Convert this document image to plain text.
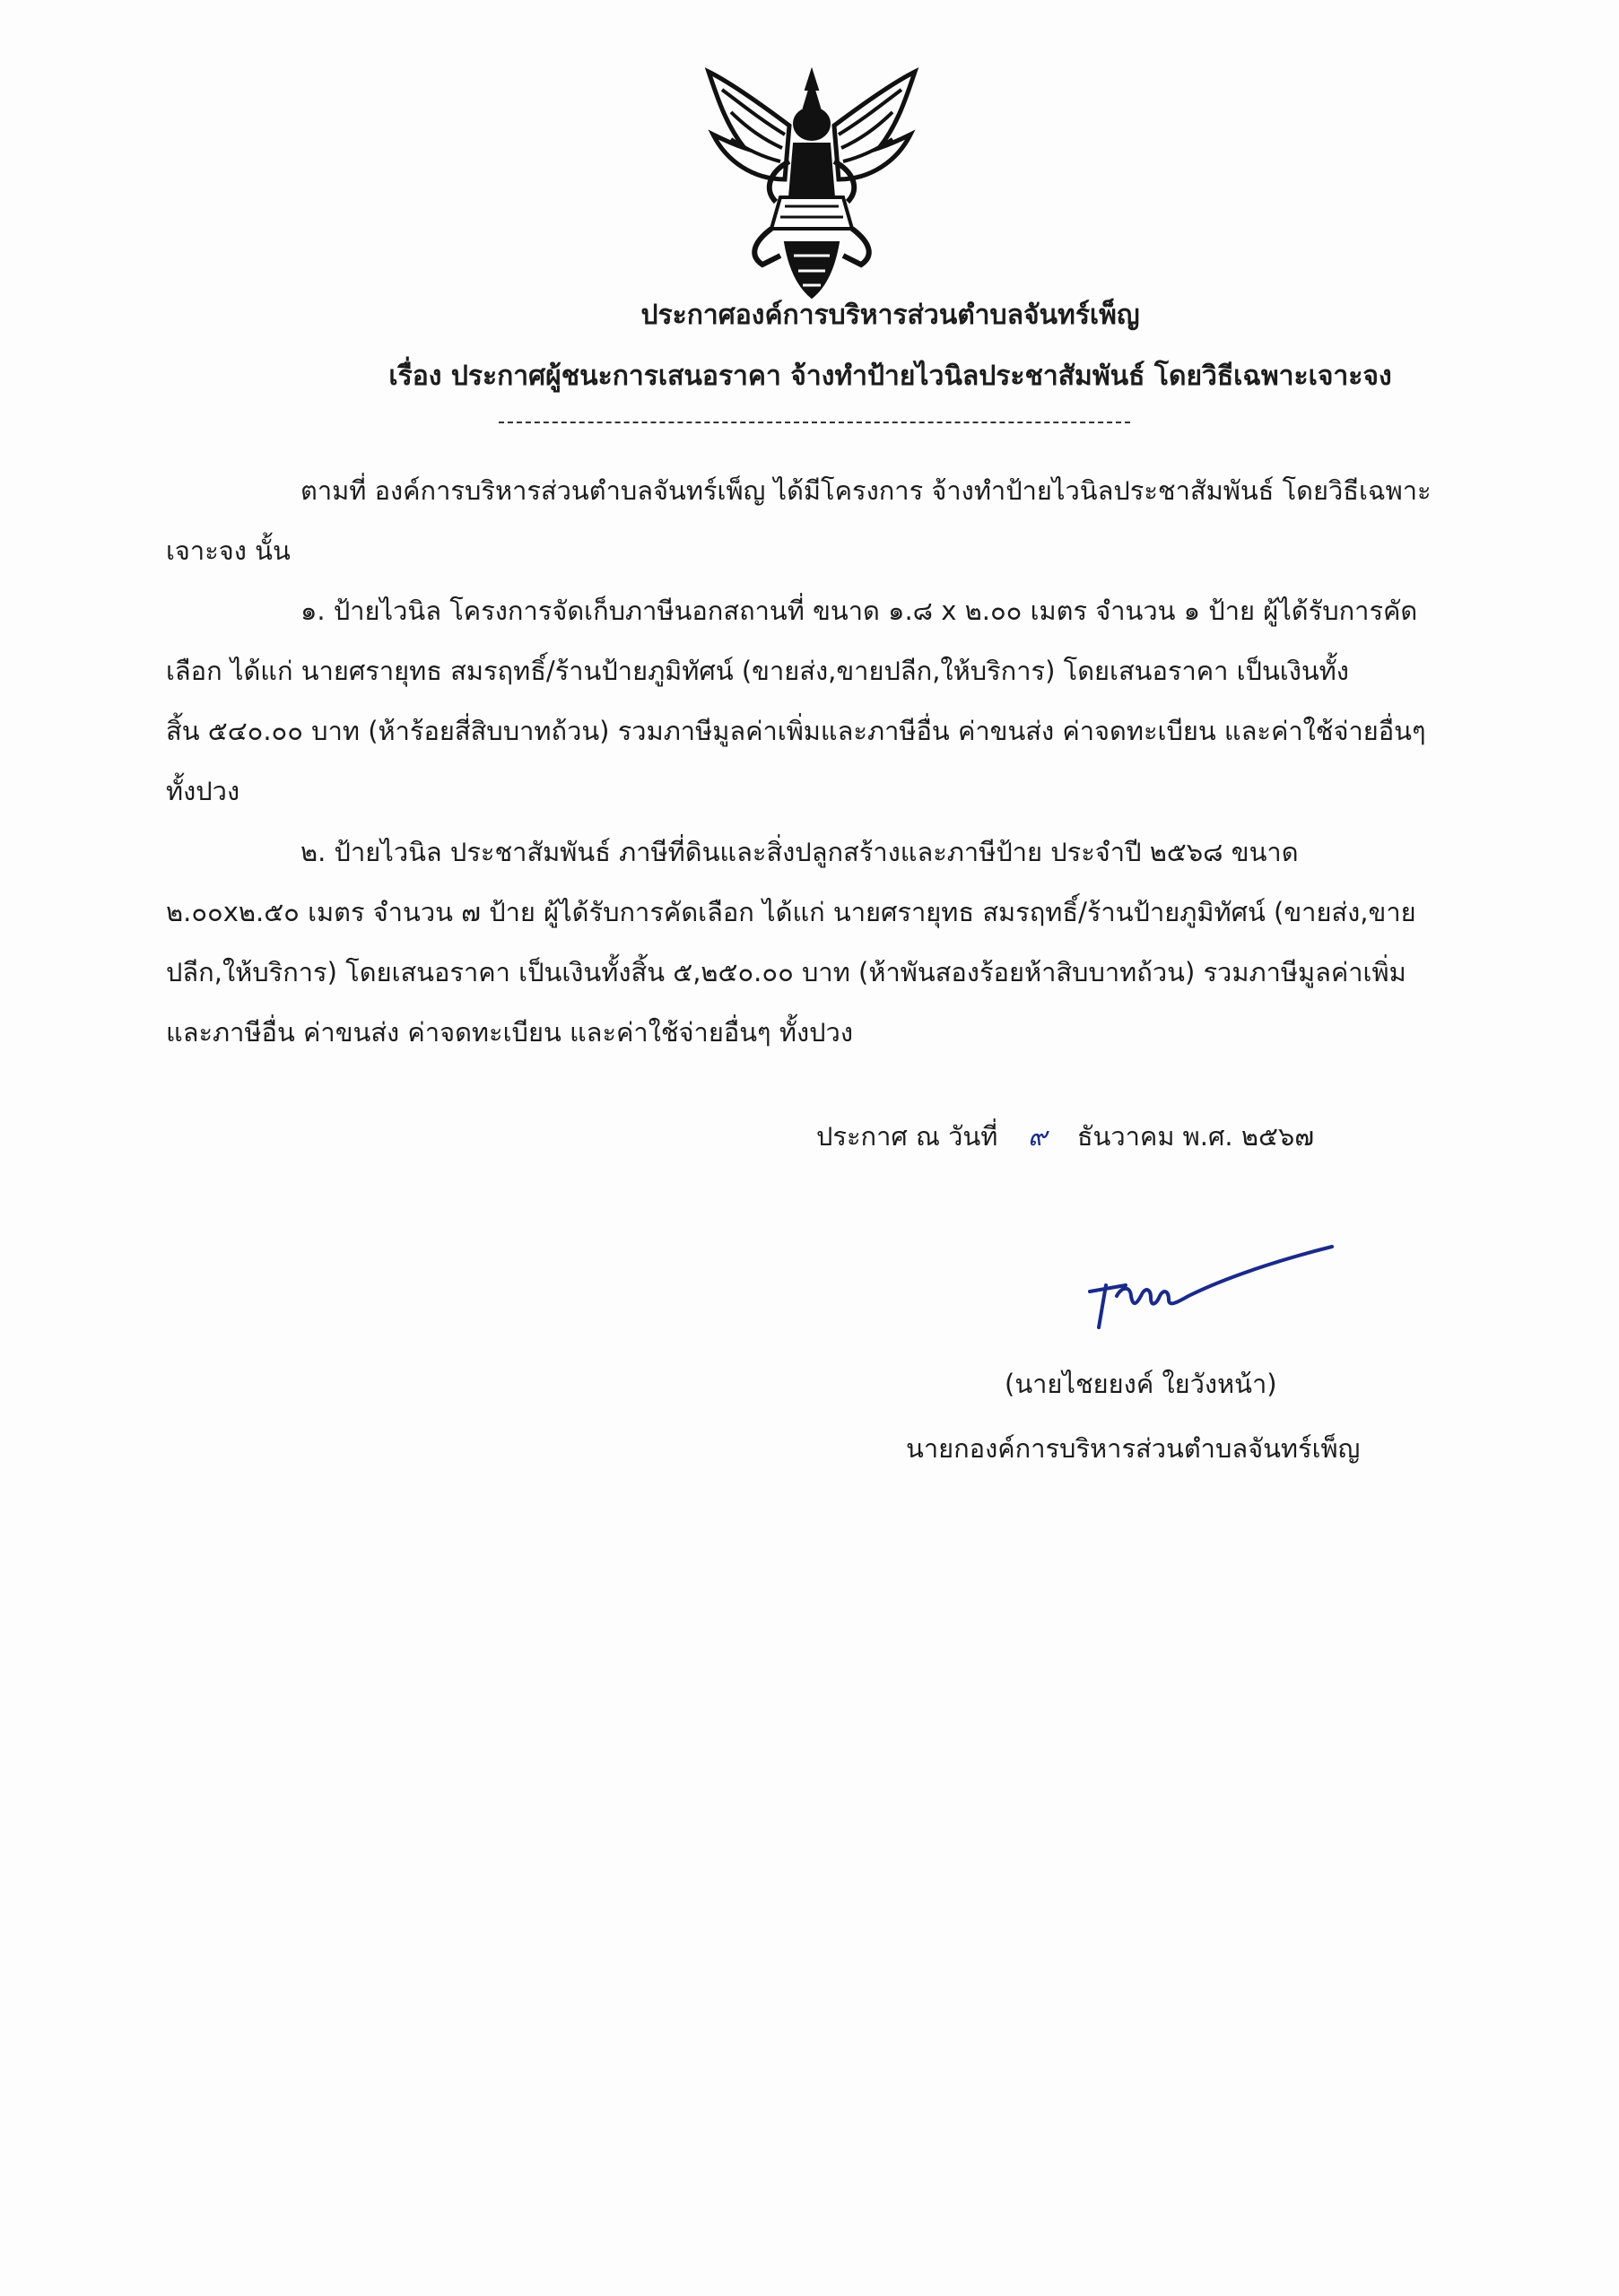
ประกาศองค์การบริหารส่วนตำบลจันทร์เพ็ญ
เรื่อง ประกาศผู้ชนะการเสนอราคา จ้างทำป้ายไวนิลประชาสัมพันธ์ โดยวิธีเฉพาะเจาะจง
ตามที่ องค์การบริหารส่วนตำบลจันทร์เพ็ญ ได้มีโครงการ จ้างทำป้ายไวนิลประชาสัมพันธ์ โดยวิธีเฉพาะ
เจาะจง นั้น
๑. ป้ายไวนิล โครงการจัดเก็บภาษีนอกสถานที่ ขนาด ๑.๘ x ๒.๐๐ เมตร จำนวน ๑ ป้าย ผู้ได้รับการคัด
เลือก ได้แก่ นายศรายุทธ สมรฤทธิ์/ร้านป้ายภูมิทัศน์ (ขายส่ง,ขายปลีก,ให้บริการ) โดยเสนอราคา เป็นเงินทั้ง
สิ้น ๕๔๐.๐๐ บาท (ห้าร้อยสี่สิบบาทถ้วน) รวมภาษีมูลค่าเพิ่มและภาษีอื่น ค่าขนส่ง ค่าจดทะเบียน และค่าใช้จ่ายอื่นๆ
ทั้งปวง
๒. ป้ายไวนิล ประชาสัมพันธ์ ภาษีที่ดินและสิ่งปลูกสร้างและภาษีป้าย ประจำปี ๒๕๖๘ ขนาด
๒.๐๐x๒.๕๐ เมตร จำนวน ๗ ป้าย ผู้ได้รับการคัดเลือก ได้แก่ นายศรายุทธ สมรฤทธิ์/ร้านป้ายภูมิทัศน์ (ขายส่ง,ขาย
ปลีก,ให้บริการ) โดยเสนอราคา เป็นเงินทั้งสิ้น ๕,๒๕๐.๐๐ บาท (ห้าพันสองร้อยห้าสิบบาทถ้วน) รวมภาษีมูลค่าเพิ่ม
และภาษีอื่น ค่าขนส่ง ค่าจดทะเบียน และค่าใช้จ่ายอื่นๆ ทั้งปวง
ประกาศ ณ วันที่ ๙ ธันวาคม พ.ศ. ๒๕๖๗
(นายไชยยงค์ ใยวังหน้า)
นายกองค์การบริหารส่วนตำบลจันทร์เพ็ญ
